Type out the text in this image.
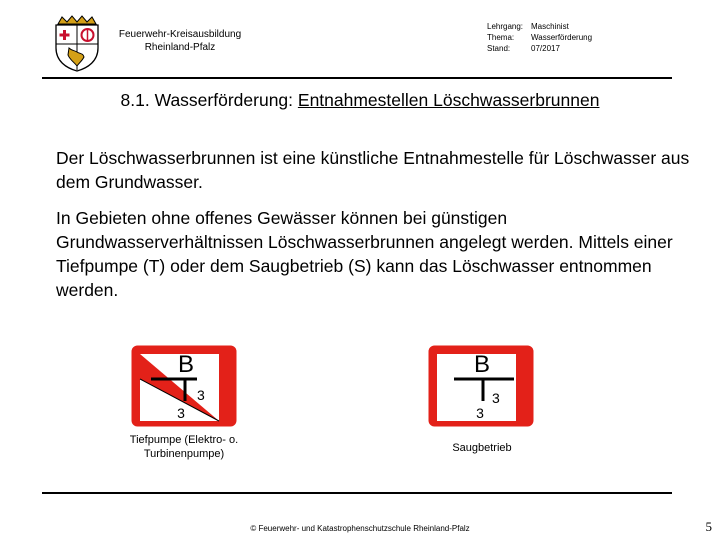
Feuerwehr-Kreisausbildung
Rheinland-Pfalz
Lehrgang: Maschinist
Thema:	Wasserförderung
Stand:	07/2017
8.1. Wasserförderung: Entnahmestellen Löschwasserbrunnen
Der Löschwasserbrunnen ist eine künstliche Entnahmestelle für Löschwasser aus dem Grundwasser.
In Gebieten ohne offenes Gewässer können bei günstigen Grundwasserverhältnissen Löschwasserbrunnen angelegt werden. Mittels einer Tiefpumpe (T) oder dem Saugbetrieb (S) kann das Löschwasser entnommen werden.
B
3
3
Tiefpumpe (Elektro- o.
Turbinenpumpe)
B
3
3
Saugbetrieb
© Feuerwehr- und Katastrophenschutzschule Rheinland-Pfalz	5
